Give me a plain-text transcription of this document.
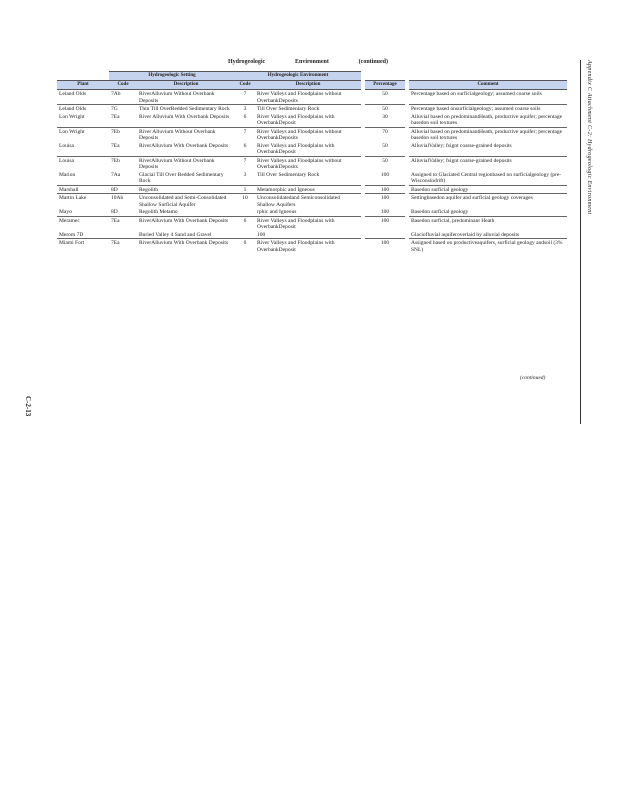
Hydrogeologic	Environment	(continued)
	Hydrogeologic Setting		Hydrogeologic Environment					
Plant	Code	Description	Code	Description		Percentage		Comment
Leland Olds	7Ab	RiverAlluvium Without Overbank Deposits	7	River Valleys and Floodplains without OverbankDeposits		50		Percentage based on surficialgeology; assumed coarse soils
Leland Olds	7G	Thin Till OverBedded Sedimentary Rock	3	Till Over Sedimentary Rock		50		Percentage based onsurficialgeology; assumed coarse soils
Lon Wright	7Ea	River Alluvium With Overbank Deposits	6	River Valleys and Floodplains with OverbankDeposit		30		Alluvial based on predominantHeath, productive aquifer; percentage basedon soil textures
Lon Wright	7Eb	River Alluvium Without Overbank Deposits	7	River Valleys and Floodplains without OverbankDeposits		70		Alluvial based on predominantHeath, productive aquifer; percentage basedon soil textures
Louisa	7Ea	RiverAlluvium With Overbank Deposits	6	River Valleys and Floodplains with OverbankDeposit		50		AlluvialValley; fsignt coarse-grained deposits
Louisa	7Eb	RiverAlluvium Without Overbank Deposits	7	River Valleys and Floodplains without OverbankDeposits		50		AlluvialValley; fsignt coarse-grained deposits
Marion	7Aa	Glacial Till Over Bedded Sedimentary Rock	3	Till Over Sedimentary Rock		100		Assigned to Glaciated Central regionbased on surficialgeology (pre-Wisconsindrift)
Marshall	8D	Regolith	1	Metamorphic and Igneous		100		Basedon surficial geology
Martin Lake	10Ab	Unconsolidated and Semi-Consolidated Shallow Surficial Aquifer	10	Unconsolidatedand Semiconsolidated Shallow Aquifers		100		Settingbasedon aquifer and surficial geology coverages
Mayo	8D	Regolith Metamo		rphic and Igneous		100		Basedon surficial geology
Meramec	7Ea	RiverAlluvium With Overbank Deposits	6	River Valleys and Floodplains with OverbankDeposit		100		Basedon surficial, predominant Heath
Merom 7D		Buried Valley 4 Sand and Gravel		100				Glaciofluvial aquiferoverlaid by alluvial deposits
Miami Fort	7Ea	RiverAlluvium With Overbank Deposits	6	River Valleys and Floodplains with OverbankDeposit		100		Assigned based on productiveaquifers, surficial geology andsoil (3% SNL)
(continued)
Appendix C Attachment C-2: Hydrogeologic Environment
C-2-13
